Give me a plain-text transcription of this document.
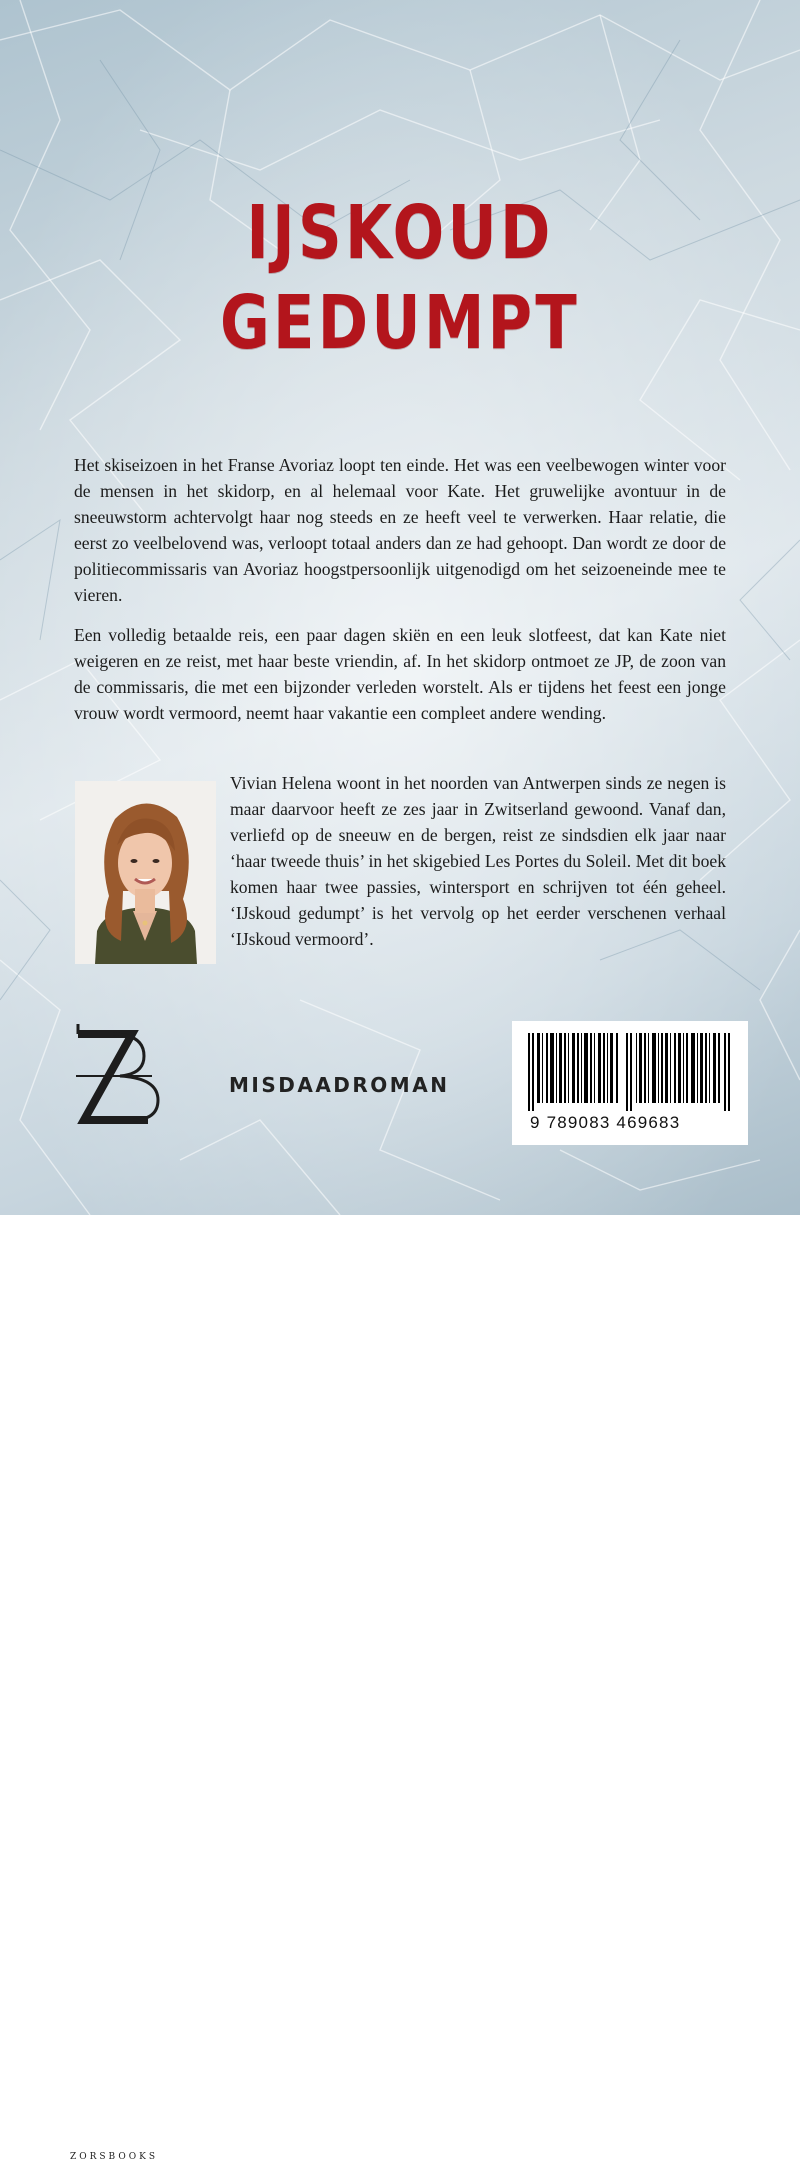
IJSKOUD
GEDUMPT

Het skiseizoen in het Franse Avoriaz loopt ten einde. Het was een veelbewogen winter voor de mensen in het skidorp, en al helemaal voor Kate. Het gruwelijke avontuur in de sneeuwstorm achtervolgt haar nog steeds en ze heeft veel te verwerken. Haar relatie, die eerst zo veelbelovend was, verloopt totaal anders dan ze had gehoopt. Dan wordt ze door de politiecommissaris van Avoriaz hoogstpersoonlijk uitgenodigd om het seizoeneinde mee te vieren.

Een volledig betaalde reis, een paar dagen skiën en een leuk slotfeest, dat kan Kate niet weigeren en ze reist, met haar beste vriendin, af. In het skidorp ontmoet ze JP, de zoon van de commissaris, die met een bijzonder verleden worstelt. Als er tijdens het feest een jonge vrouw wordt vermoord, neemt haar vakantie een compleet andere wending.

Vivian Helena woont in het noorden van Antwerpen sinds ze negen is maar daarvoor heeft ze zes jaar in Zwitserland gewoond. Vanaf dan, verliefd op de sneeuw en de bergen, reist ze sindsdien elk jaar naar ‘haar tweede thuis’ in het skigebied Les Portes du Soleil. Met dit boek komen haar twee passies, wintersport en schrijven tot één geheel. ‘IJskoud gedumpt’ is het vervolg op het eerder verschenen verhaal ‘IJskoud vermoord’.

ZORSBOOKS
MISDAADROMAN
9 789083 469683
